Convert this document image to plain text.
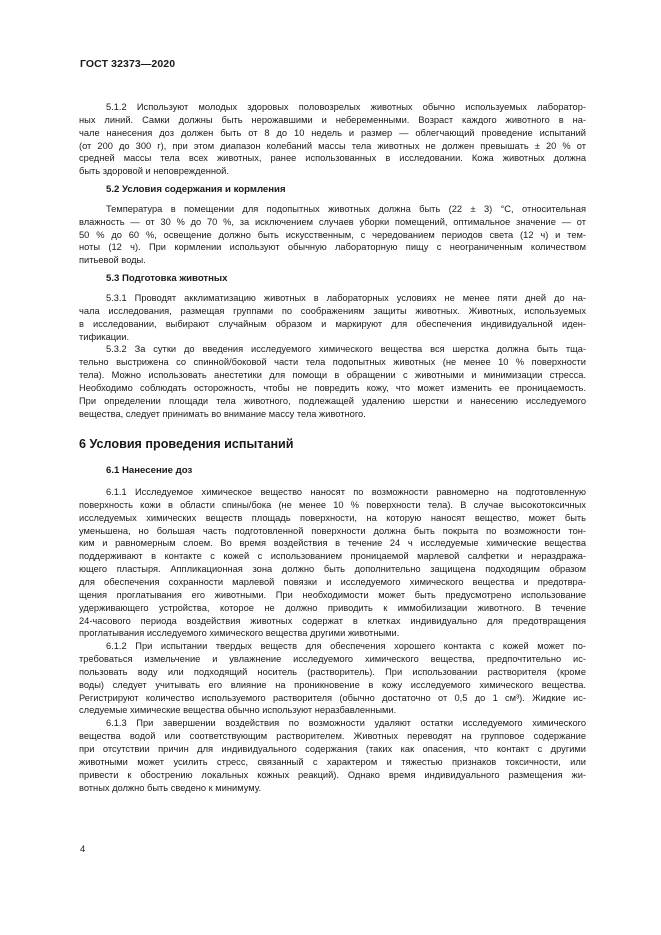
ГОСТ 32373—2020
5.1.2 Используют молодых здоровых половозрелых животных обычно используемых лаборатор-
ных линий. Самки должны быть нерожавшими и небеременными. Возраст каждого животного в на-
чале нанесения доз должен быть от 8 до 10 недель и размер — облегчающий проведение испытаний
(от 200 до 300 г), при этом диапазон колебаний массы тела животных не должен превышать ± 20 % от
средней массы тела всех животных, ранее использованных в исследовании. Кожа животных должна
быть здоровой и неповрежденной.
5.2 Условия содержания и кормления
Температура в помещении для подопытных животных должна быть (22 ± 3) °С, относительная
влажность — от 30 % до 70 %, за исключением случаев уборки помещений, оптимальное значение — от
50 % до 60 %, освещение должно быть искусственным, с чередованием периодов света (12 ч) и тем-
ноты (12 ч). При кормлении используют обычную лабораторную пищу с неограниченным количеством
питьевой воды.
5.3 Подготовка животных
5.3.1 Проводят акклиматизацию животных в лабораторных условиях не менее пяти дней до на-
чала исследования, размещая группами по соображениям защиты животных. Животных, используемых
в исследовании, выбирают случайным образом и маркируют для обеспечения индивидуальной иден-
тификации.
5.3.2 За сутки до введения исследуемого химического вещества вся шерстка должна быть тща-
тельно выстрижена со спинной/боковой части тела подопытных животных (не менее 10 % поверхности
тела). Можно использовать анестетики для помощи в обращении с животными и минимизации стресса.
Необходимо соблюдать осторожность, чтобы не повредить кожу, что может изменить ее проницаемость.
При определении площади тела животного, подлежащей удалению шерстки и нанесению исследуемого
вещества, следует принимать во внимание массу тела животного.
6 Условия проведения испытаний
6.1 Нанесение доз
6.1.1 Исследуемое химическое вещество наносят по возможности равномерно на подготовленную
поверхность кожи в области спины/бока (не менее 10 % поверхности тела). В случае высокотоксичных
исследуемых химических веществ площадь поверхности, на которую наносят вещество, может быть
уменьшена, но большая часть подготовленной поверхности должна быть покрыта по возможности тон-
ким и равномерным слоем. Во время воздействия в течение 24 ч исследуемые химические вещества
поддерживают в контакте с кожей с использованием проницаемой марлевой салфетки и нераздража-
ющего пластыря. Аппликационная зона должно быть дополнительно защищена подходящим образом
для обеспечения сохранности марлевой повязки и исследуемого химического вещества и предотвра-
щения проглатывания его животными. При необходимости может быть предусмотрено использование
удерживающего устройства, которое не должно приводить к иммобилизации животного. В течение
24-часового периода воздействия животных содержат в клетках индивидуально для предотвращения
проглатывания исследуемого химического вещества другими животными.
6.1.2 При испытании твердых веществ для обеспечения хорошего контакта с кожей может по-
требоваться измельчение и увлажнение исследуемого химического вещества, предпочтительно ис-
пользовать воду или подходящий носитель (растворитель). При использовании растворителя (кроме
воды) следует учитывать его влияние на проникновение в кожу исследуемого химического вещества.
Регистрируют количество используемого растворителя (обычно достаточно от 0,5 до 1 см³). Жидкие ис-
следуемые химические вещества обычно используют неразбавленными.
6.1.3 При завершении воздействия по возможности удаляют остатки исследуемого химического
вещества водой или соответствующим растворителем. Животных переводят на групповое содержание
при отсутствии причин для индивидуального содержания (таких как опасения, что контакт с другими
животными может усилить стресс, связанный с характером и тяжестью признаков токсичности, или
привести к обострению локальных кожных реакций). Однако время индивидуального размещения жи-
вотных должно быть сведено к минимуму.
4
